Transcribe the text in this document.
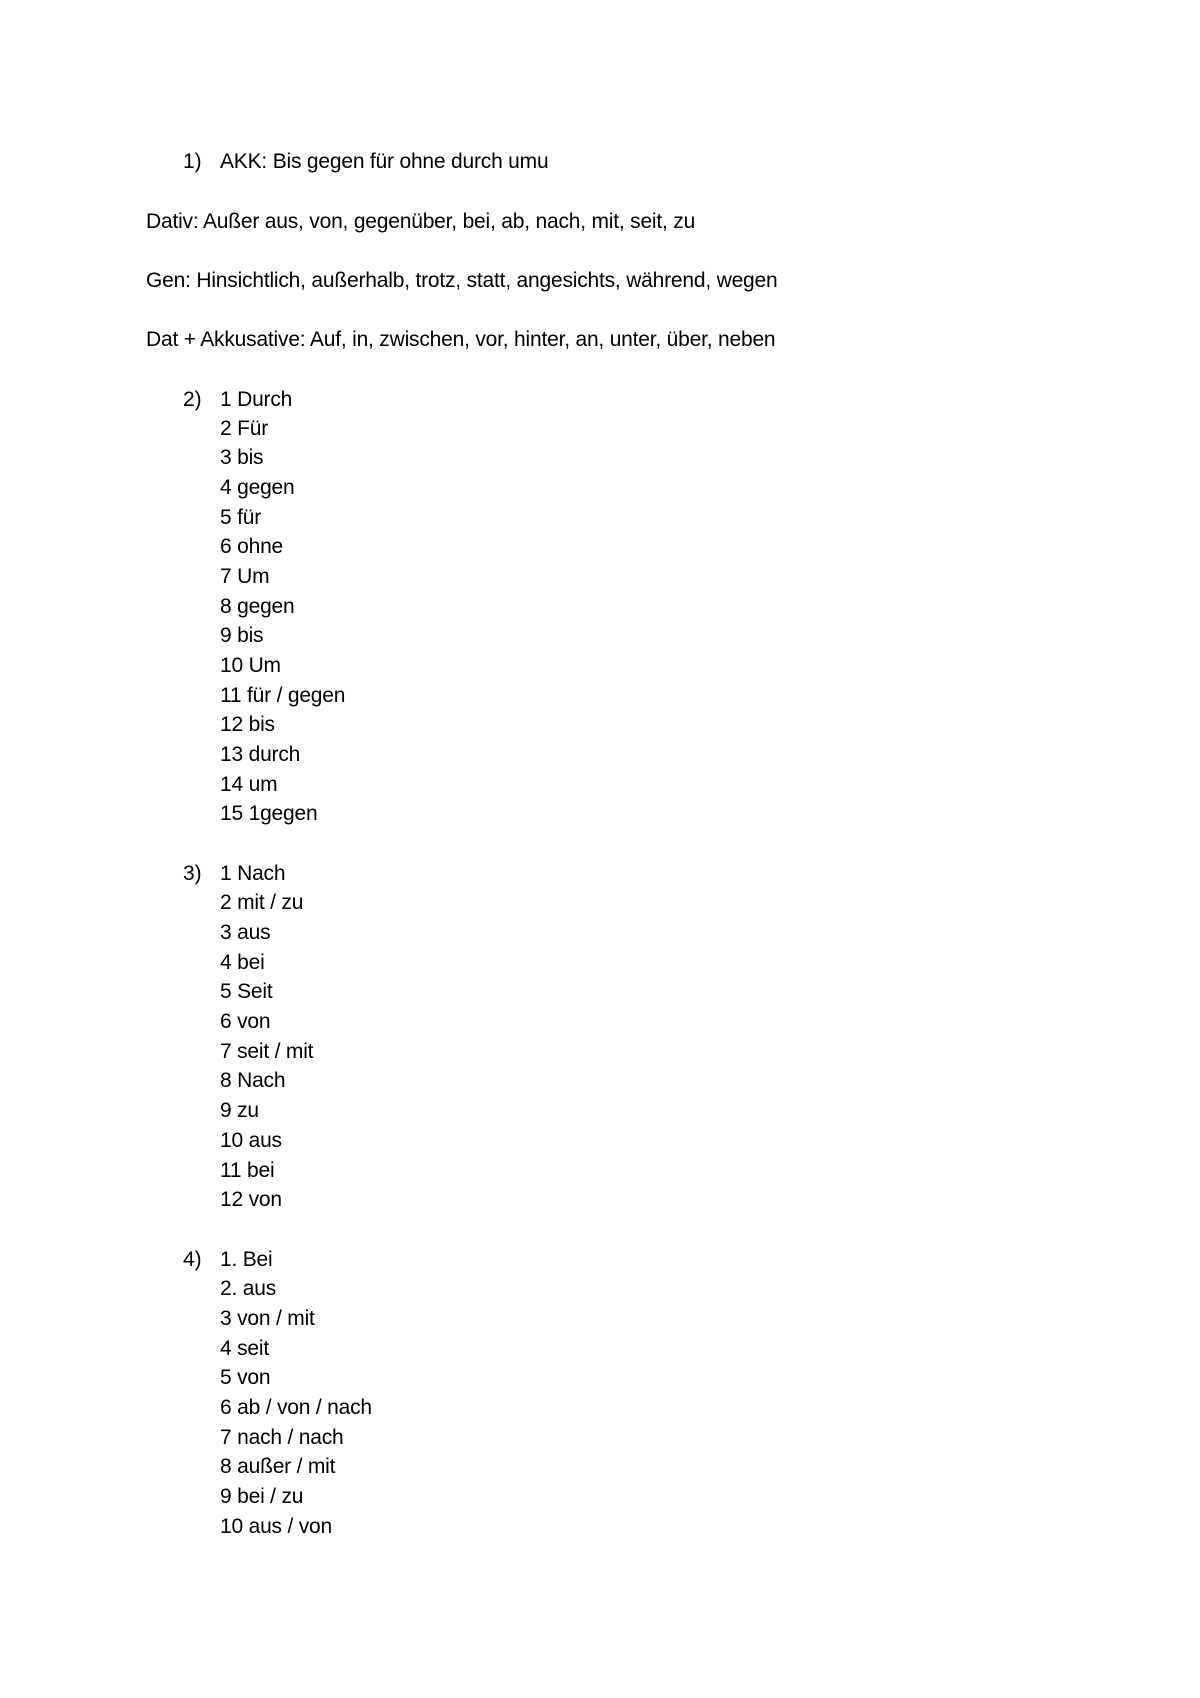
1) AKK: Bis gegen für ohne durch umu
Dativ: Außer aus, von, gegenüber, bei, ab, nach, mit, seit, zu
Gen: Hinsichtlich, außerhalb, trotz, statt, angesichts, während, wegen
Dat + Akkusative: Auf, in, zwischen, vor, hinter, an, unter, über, neben
2) 1 Durch
2 Für
3 bis
4 gegen
5 für
6 ohne
7 Um
8 gegen
9 bis
10 Um
11 für / gegen
12 bis
13 durch
14 um
15 1gegen
3) 1 Nach
2 mit / zu
3 aus
4 bei
5 Seit
6 von
7 seit / mit
8 Nach
9 zu
10 aus
11 bei
12 von
4) 1. Bei
2. aus
3 von / mit
4 seit
5 von
6 ab / von / nach
7 nach / nach
8 außer / mit
9 bei / zu
10 aus / von
